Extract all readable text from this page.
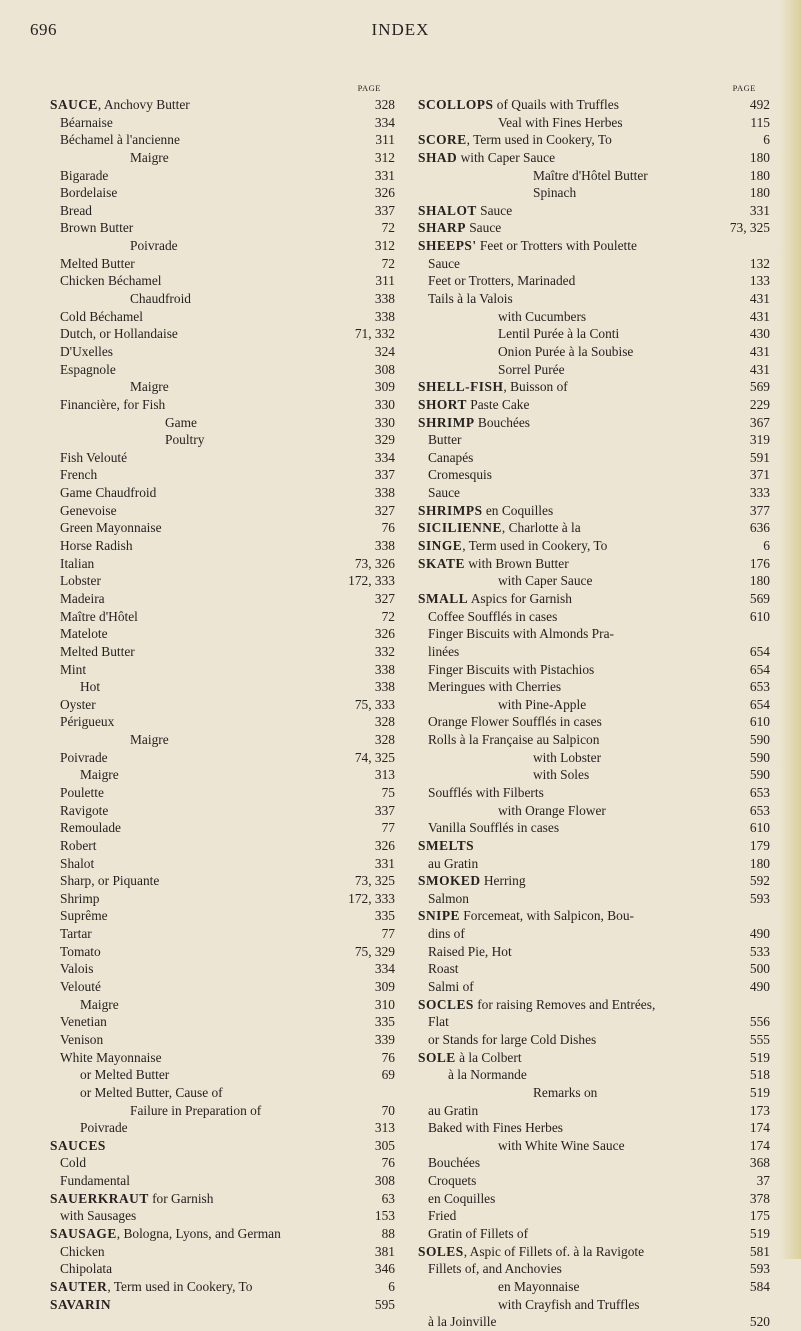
696	INDEX
PAGE
SAUCE, Anchovy Butter	328
Béarnaise	334
Béchamel à l'ancienne	311
Maigre	312
Bigarade	331
Bordelaise	326
Bread	337
Brown Butter	72
Poivrade	312
Melted Butter	72
Chicken Béchamel	311
Chaudfroid	338
Cold Béchamel	338
Dutch, or Hollandaise	71, 332
D'Uxelles	324
Espagnole	308
Maigre	309
Financière, for Fish	330
Game	330
Poultry	329
Fish Velouté	334
French	337
Game Chaudfroid	338
Genevoise	327
Green Mayonnaise	76
Horse Radish	338
Italian	73, 326
Lobster	172, 333
Madeira	327
Maître d'Hôtel	72
Matelote	326
Melted Butter	332
Mint	338
Hot	338
Oyster	75, 333
Périgueux	328
Maigre	328
Poivrade	74, 325
Maigre	313
Poulette	75
Ravigote	337
Remoulade	77
Robert	326
Shalot	331
Sharp, or Piquante	73, 325
Shrimp	172, 333
Suprême	335
Tartar	77
Tomato	75, 329
Valois	334
Velouté	309
Maigre	310
Venetian	335
Venison	339
White Mayonnaise	76
or Melted Butter	69
or Melted Butter, Cause of
Failure in Preparation of	70
Poivrade	313
SAUCES	305
Cold	76
Fundamental	308
SAUERKRAUT for Garnish	63
with Sausages	153
SAUSAGE, Bologna, Lyons, and German	88
Chicken	381
Chipolata	346
SAUTER, Term used in Cookery, To	6
SAVARIN	595
PAGE
SCOLLOPS of Quails with Truffles	492
Veal with Fines Herbes	115
SCORE, Term used in Cookery, To	6
SHAD with Caper Sauce	180
Maître d'Hôtel Butter	180
Spinach	180
SHALOT Sauce	331
SHARP Sauce	73, 325
SHEEPS' Feet or Trotters with Poulette
Sauce	132
Feet or Trotters, Marinaded	133
Tails à la Valois	431
with Cucumbers	431
Lentil Purée à la Conti	430
Onion Purée à la Soubise	431
Sorrel Purée	431
SHELL-FISH, Buisson of	569
SHORT Paste Cake	229
SHRIMP Bouchées	367
Butter	319
Canapés	591
Cromesquis	371
Sauce	333
SHRIMPS en Coquilles	377
SICILIENNE, Charlotte à la	636
SINGE, Term used in Cookery, To	6
SKATE with Brown Butter	176
with Caper Sauce	180
SMALL Aspics for Garnish	569
Coffee Soufflés in cases	610
Finger Biscuits with Almonds Pra-
linées	654
Finger Biscuits with Pistachios	654
Meringues with Cherries	653
with Pine-Apple	654
Orange Flower Soufflés in cases	610
Rolls à la Française au Salpicon	590
with Lobster	590
with Soles	590
Soufflés with Filberts	653
with Orange Flower	653
Vanilla Soufflés in cases	610
SMELTS	179
au Gratin	180
SMOKED Herring	592
Salmon	593
SNIPE Forcemeat, with Salpicon, Bou-
dins of	490
Raised Pie, Hot	533
Roast	500
Salmi of	490
SOCLES for raising Removes and Entrées,
Flat	556
or Stands for large Cold Dishes	555
SOLE à la Colbert	519
à la Normande	518
Remarks on	519
au Gratin	173
Baked with Fines Herbes	174
with White Wine Sauce	174
Bouchées	368
Croquets	37
en Coquilles	378
Fried	175
Gratin of Fillets of	519
SOLES, Aspic of Fillets of. à la Ravigote	581
Fillets of, and Anchovies	593
en Mayonnaise	584
with Crayfish and Truffles
à la Joinville	520
